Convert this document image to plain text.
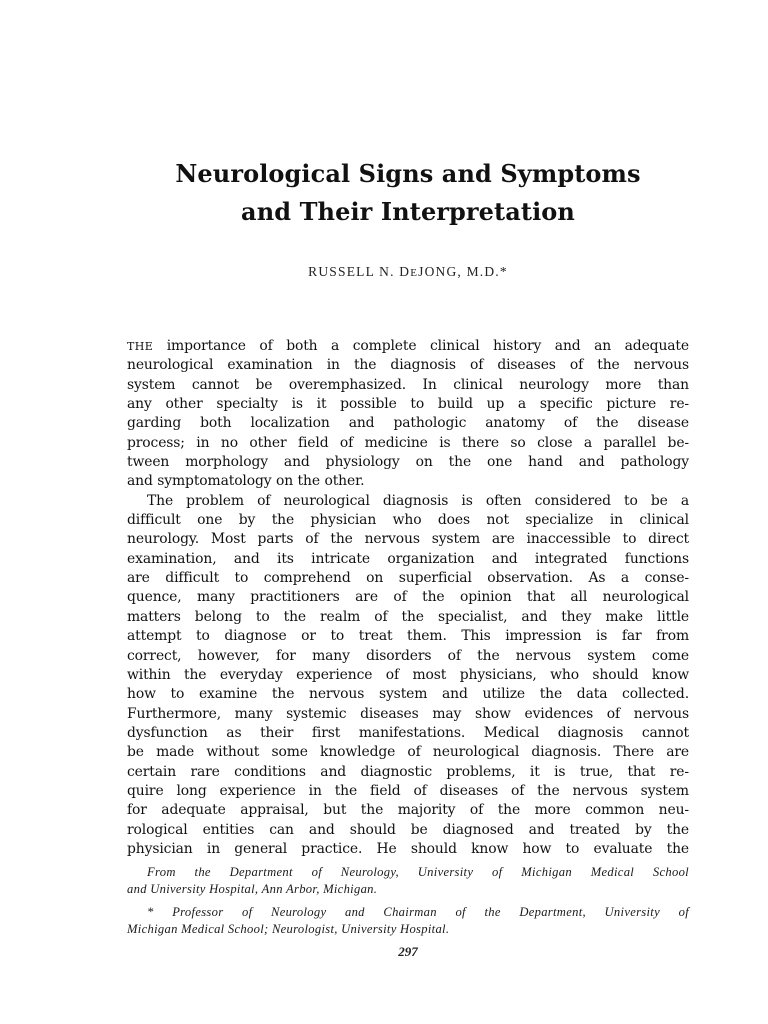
Neurological Signs and Symptoms
and Their Interpretation
RUSSELL N. DEJONG, M.D.*
THE importance of both a complete clinical history and an adequate
neurological examination in the diagnosis of diseases of the nervous
system cannot be overemphasized. In clinical neurology more than
any other specialty is it possible to build up a specific picture re-
garding both localization and pathologic anatomy of the disease
process; in no other field of medicine is there so close a parallel be-
tween morphology and physiology on the one hand and pathology
and symptomatology on the other.
The problem of neurological diagnosis is often considered to be a
difficult one by the physician who does not specialize in clinical
neurology. Most parts of the nervous system are inaccessible to direct
examination, and its intricate organization and integrated functions
are difficult to comprehend on superficial observation. As a conse-
quence, many practitioners are of the opinion that all neurological
matters belong to the realm of the specialist, and they make little
attempt to diagnose or to treat them. This impression is far from
correct, however, for many disorders of the nervous system come
within the everyday experience of most physicians, who should know
how to examine the nervous system and utilize the data collected.
Furthermore, many systemic diseases may show evidences of nervous
dysfunction as their first manifestations. Medical diagnosis cannot
be made without some knowledge of neurological diagnosis. There are
certain rare conditions and diagnostic problems, it is true, that re-
quire long experience in the field of diseases of the nervous system
for adequate appraisal, but the majority of the more common neu-
rological entities can and should be diagnosed and treated by the
physician in general practice. He should know how to evaluate the
From the Department of Neurology, University of Michigan Medical School
and University Hospital, Ann Arbor, Michigan.
* Professor of Neurology and Chairman of the Department, University of
Michigan Medical School; Neurologist, University Hospital.
297
